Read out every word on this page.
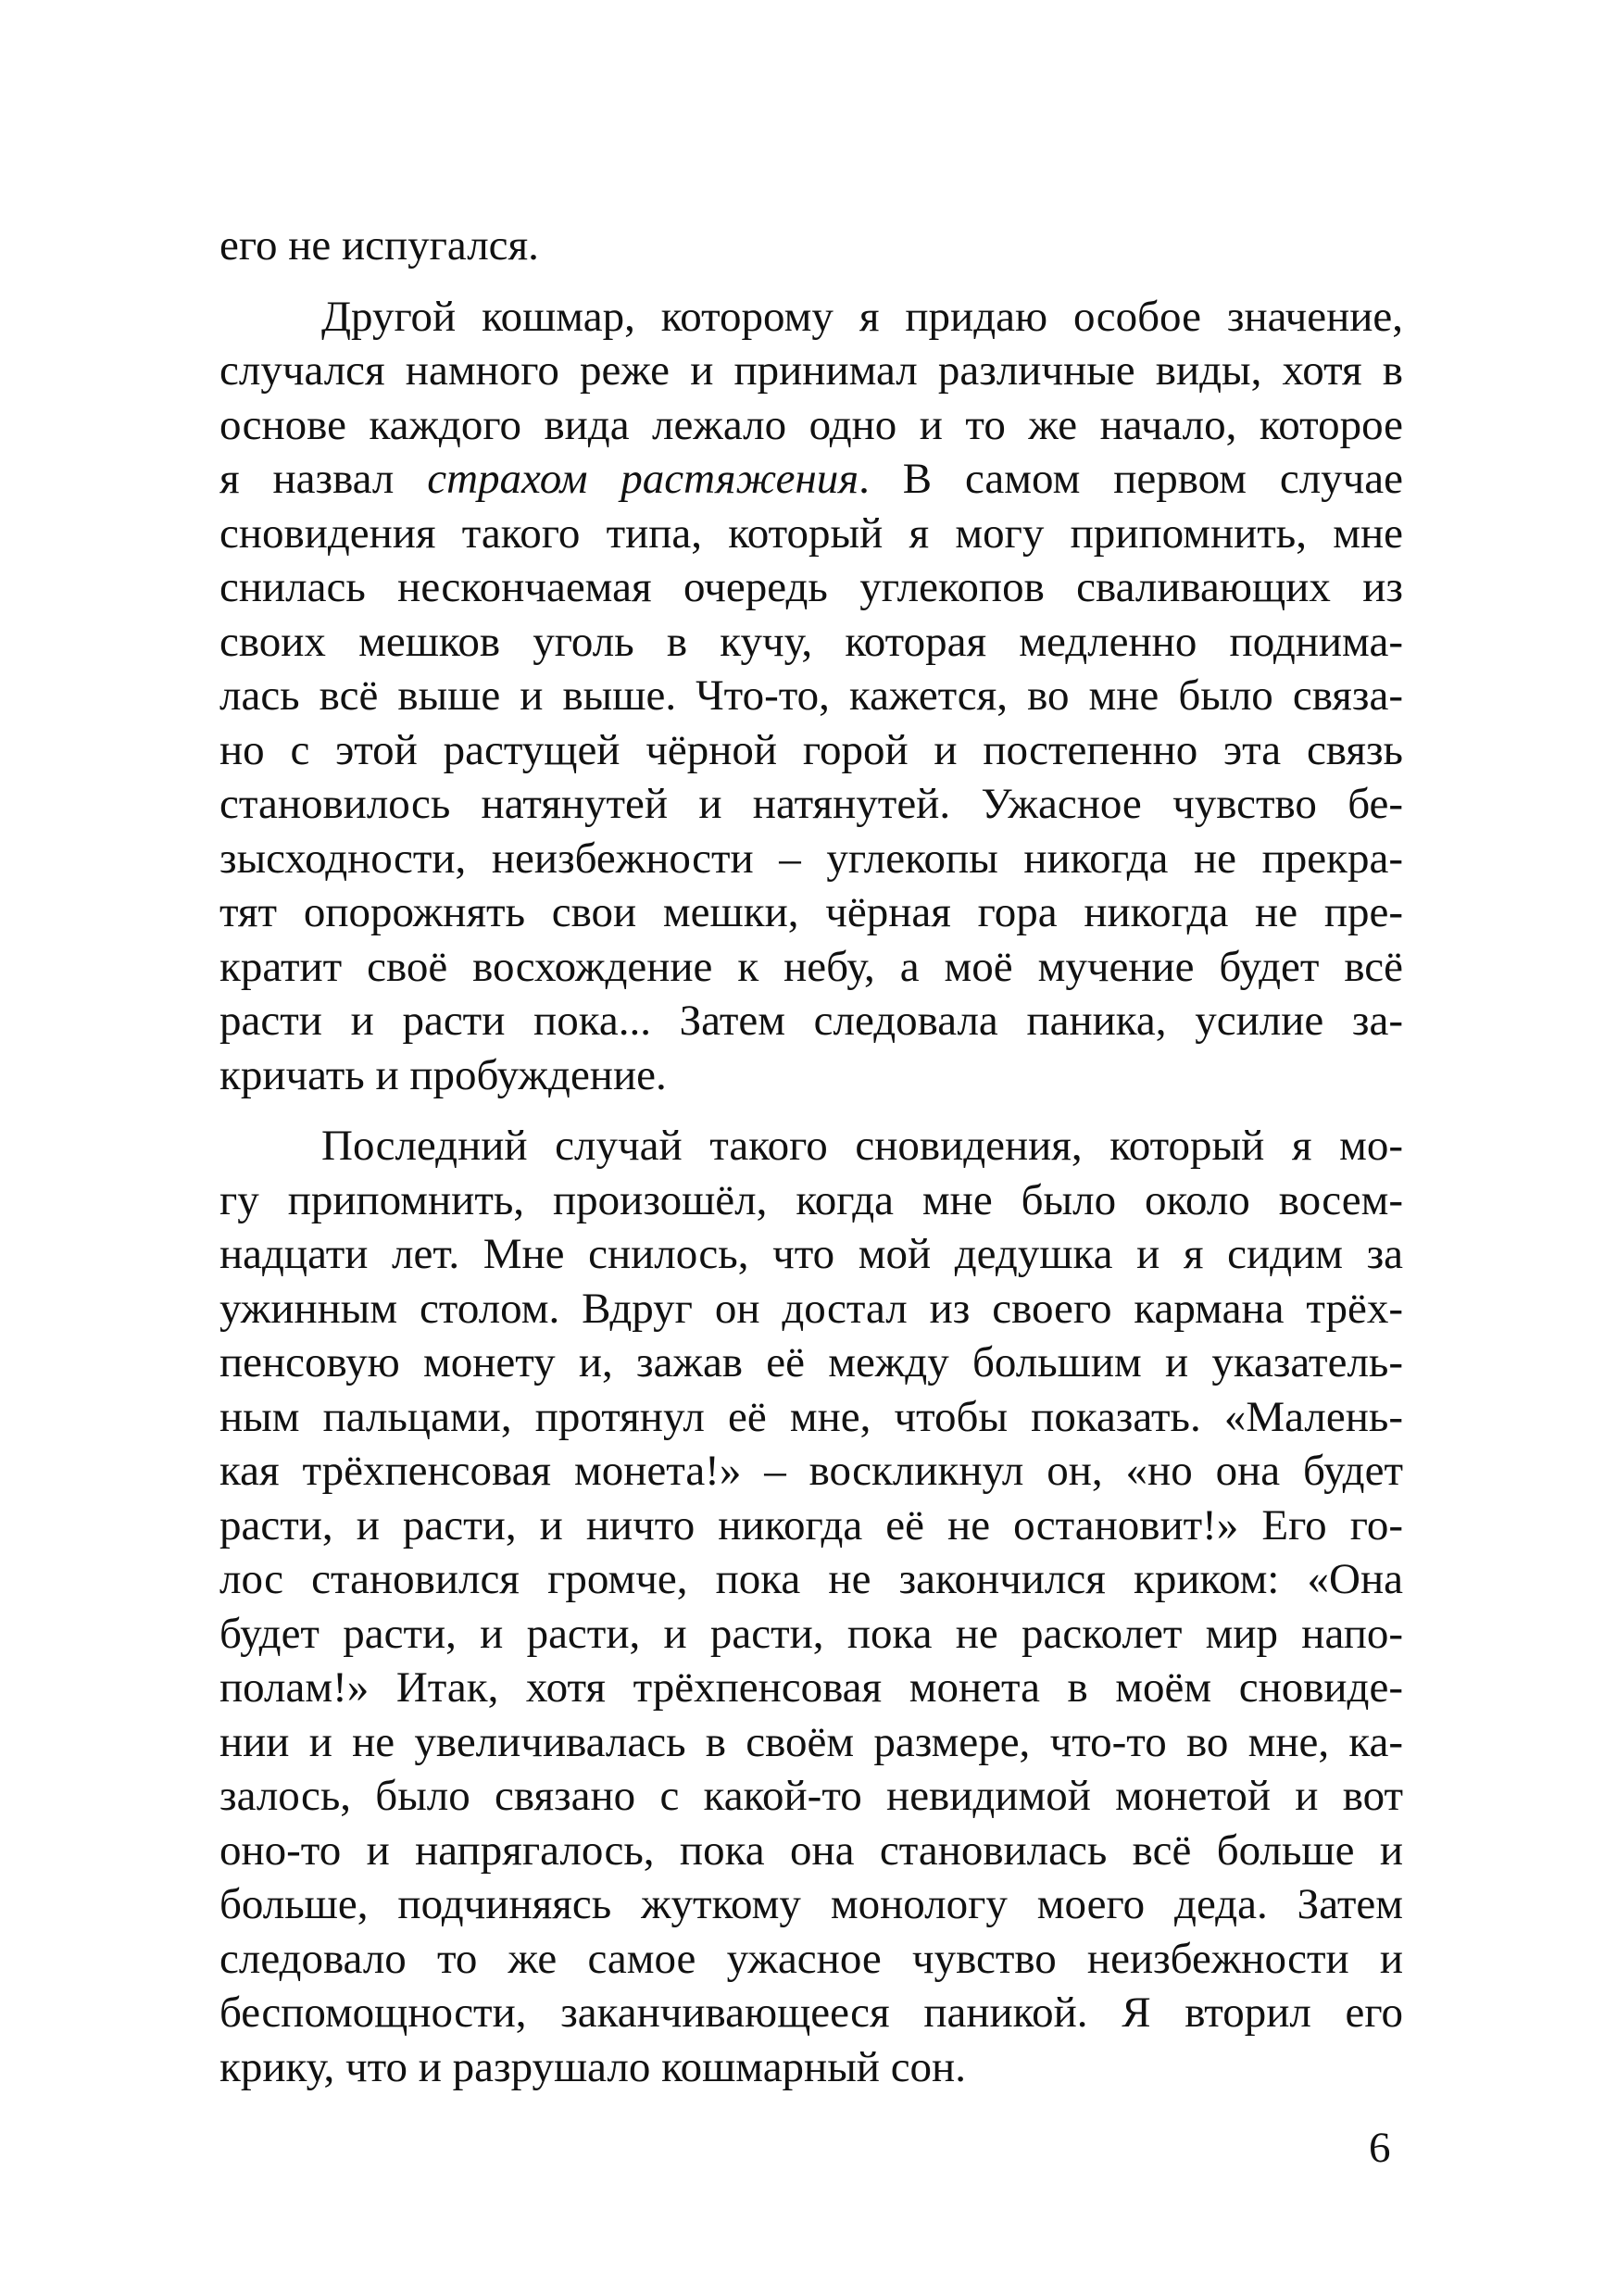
его не испугался.
Другой кошмар, которому я придаю особое значение,
случался намного реже и принимал различные виды, хотя в
основе каждого вида лежало одно и то же начало, которое
я назвал страхом растяжения. В самом первом случае
сновидения такого типа, который я могу припомнить, мне
снилась нескончаемая очередь углекопов сваливающих из
своих мешков уголь в кучу, которая медленно поднима-
лась всё выше и выше. Что-то, кажется, во мне было связа-
но с этой растущей чёрной горой и постепенно эта связь
становилось натянутей и натянутей. Ужасное чувство бе-
зысходности, неизбежности – углекопы никогда не прекра-
тят опорожнять свои мешки, чёрная гора никогда не пре-
кратит своё восхождение к небу, а моё мучение будет всё
расти и расти пока... Затем следовала паника, усилие за-
кричать и пробуждение.
Последний случай такого сновидения, который я мо-
гу припомнить, произошёл, когда мне было около восем-
надцати лет. Мне снилось, что мой дедушка и я сидим за
ужинным столом. Вдруг он достал из своего кармана трёх-
пенсовую монету и, зажав её между большим и указатель-
ным пальцами, протянул её мне, чтобы показать. «Малень-
кая трёхпенсовая монета!» – воскликнул он, «но она будет
расти, и расти, и ничто никогда её не остановит!» Его го-
лос становился громче, пока не закончился криком: «Она
будет расти, и расти, и расти, пока не расколет мир напо-
полам!» Итак, хотя трёхпенсовая монета в моём сновиде-
нии и не увеличивалась в своём размере, что-то во мне, ка-
залось, было связано с какой-то невидимой монетой и вот
оно-то и напрягалось, пока она становилась всё больше и
больше, подчиняясь жуткому монологу моего деда. Затем
следовало то же самое ужасное чувство неизбежности и
беспомощности, заканчивающееся паникой. Я вторил его
крику, что и разрушало кошмарный сон.
6
